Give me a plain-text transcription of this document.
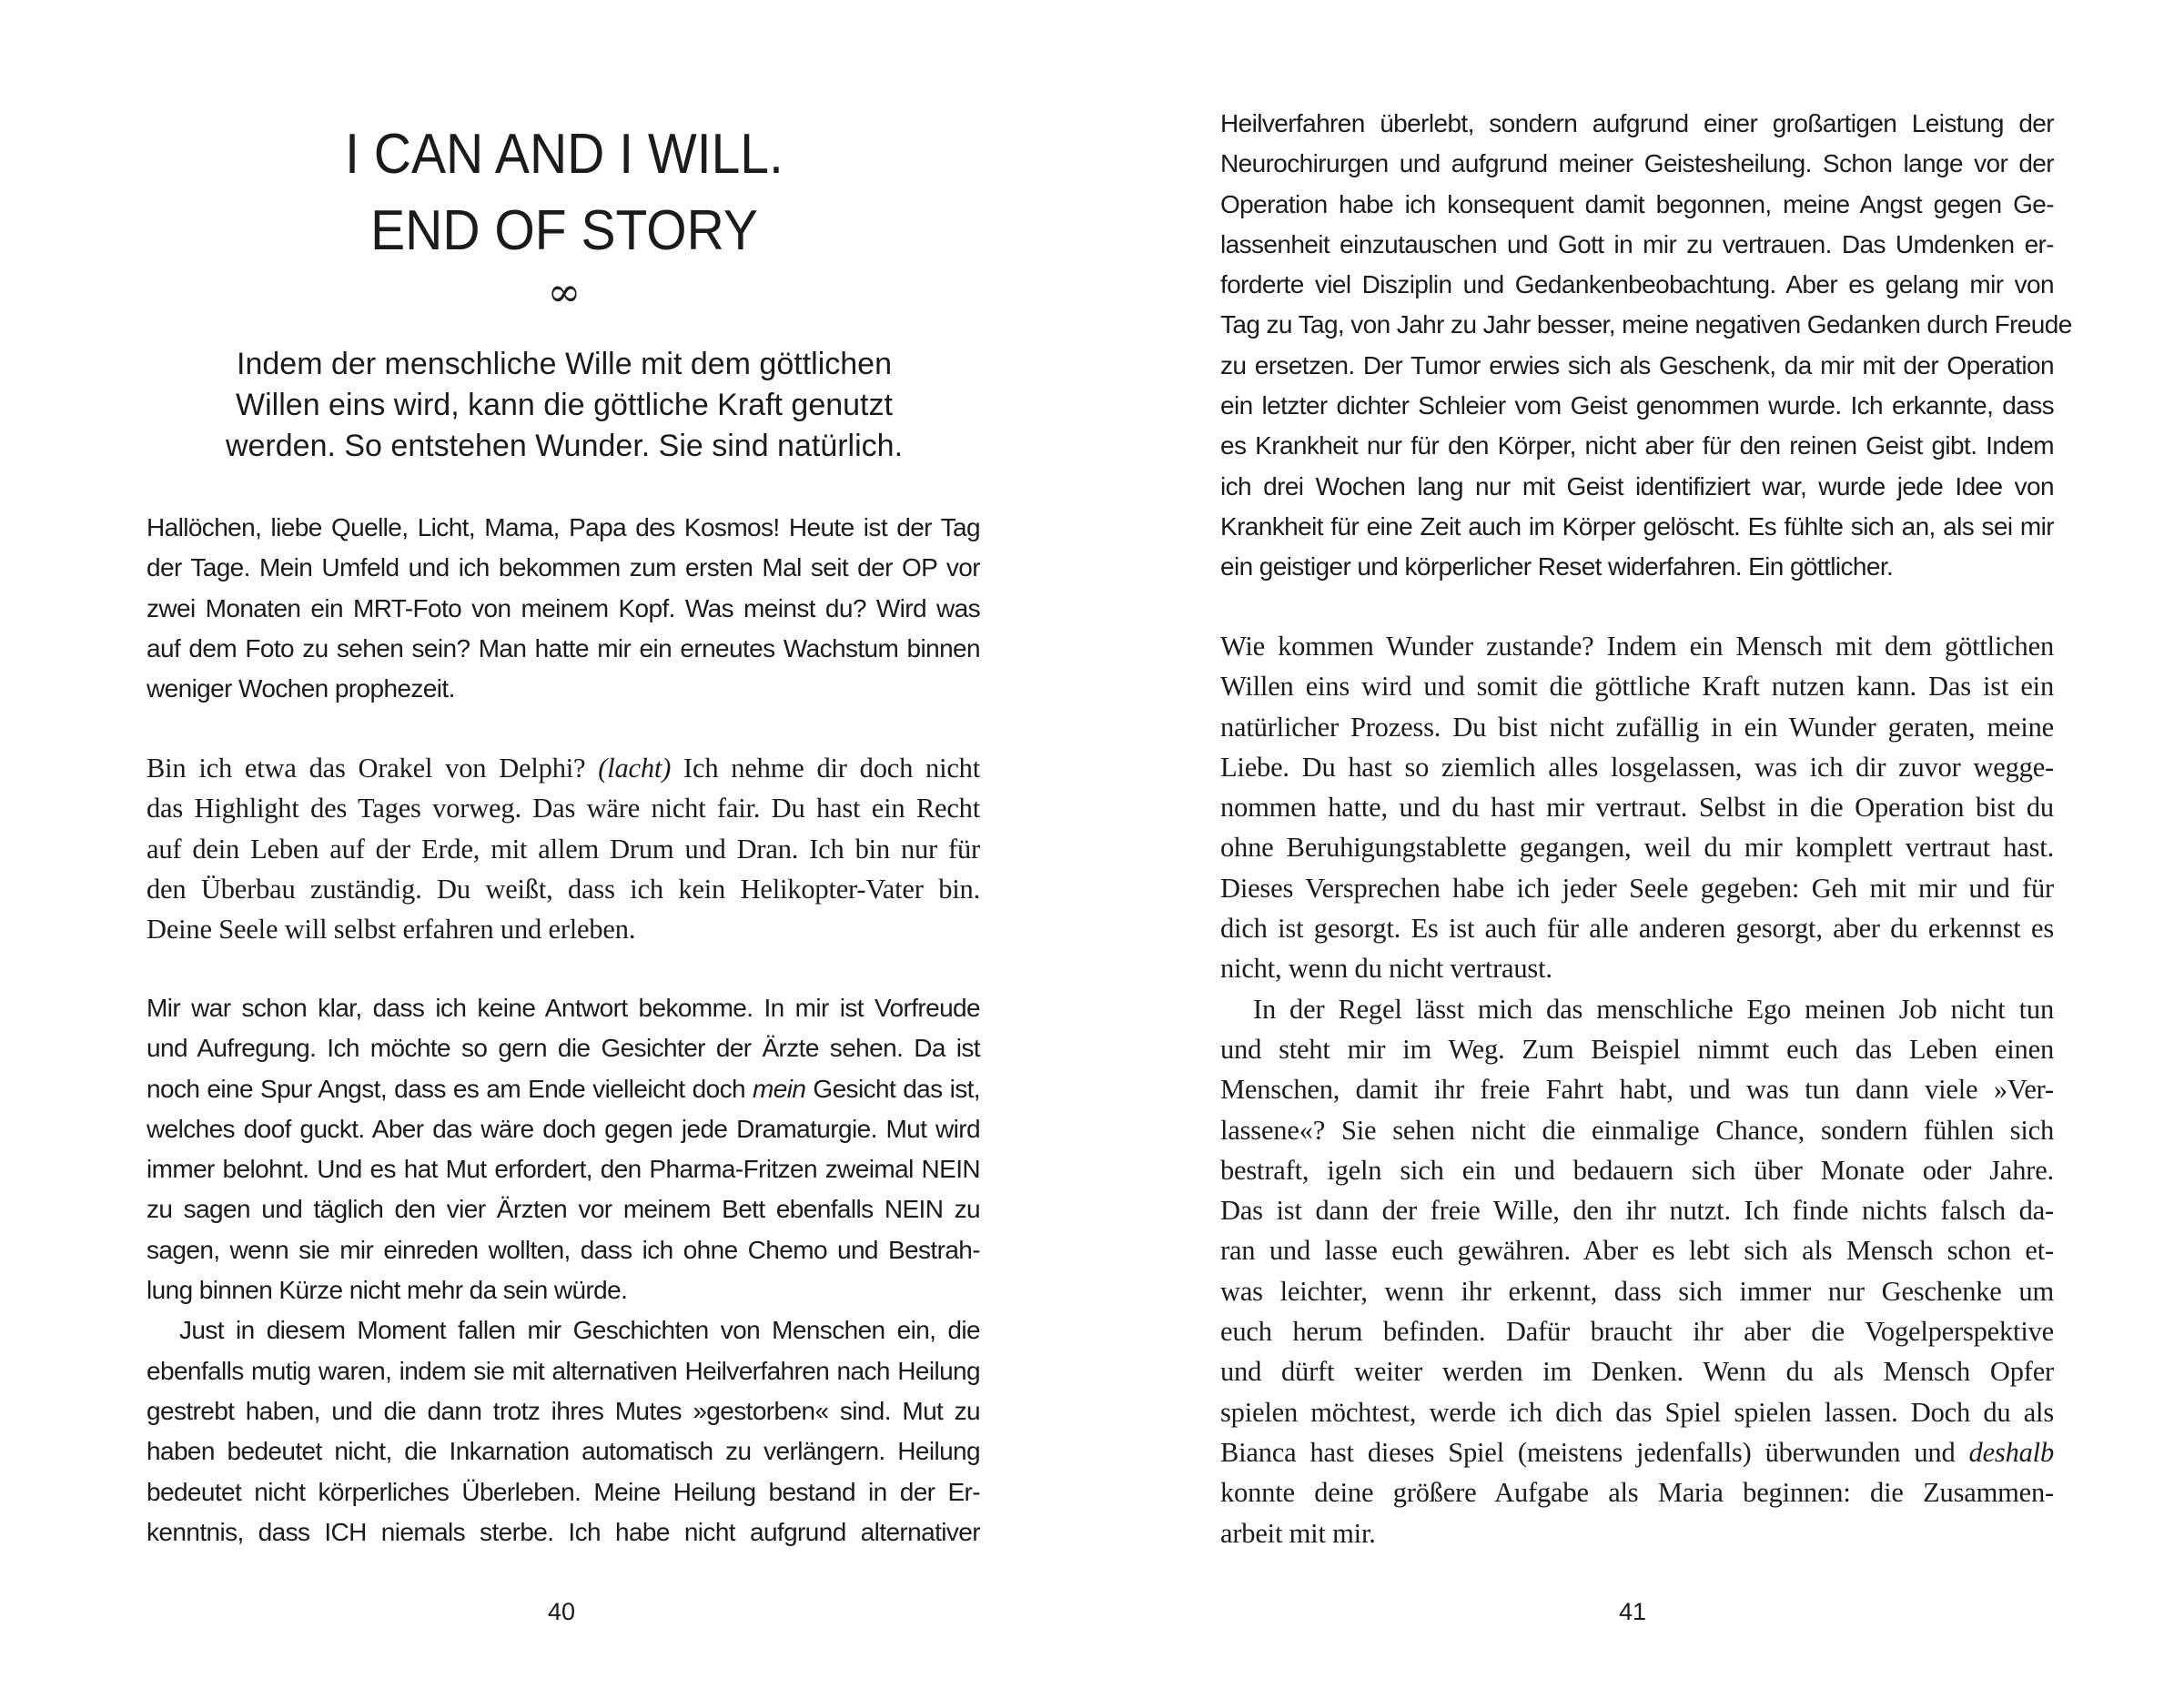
I CAN AND I WILL.
END OF STORY
∞
Indem der menschliche Wille mit dem göttlichen
Willen eins wird, kann die göttliche Kraft genutzt
werden. So entstehen Wunder. Sie sind natürlich.
Hallöchen, liebe Quelle, Licht, Mama, Papa des Kosmos! Heute ist der Tag
der Tage. Mein Umfeld und ich bekommen zum ersten Mal seit der OP vor
zwei Monaten ein MRT-Foto von meinem Kopf. Was meinst du? Wird was
auf dem Foto zu sehen sein? Man hatte mir ein erneutes Wachstum binnen
weniger Wochen prophezeit.
Bin ich etwa das Orakel von Delphi? (lacht) Ich nehme dir doch nicht
das Highlight des Tages vorweg. Das wäre nicht fair. Du hast ein Recht
auf dein Leben auf der Erde, mit allem Drum und Dran. Ich bin nur für
den Überbau zuständig. Du weißt, dass ich kein Helikopter-Vater bin.
Deine Seele will selbst erfahren und erleben.
Mir war schon klar, dass ich keine Antwort bekomme. In mir ist Vorfreude
und Aufregung. Ich möchte so gern die Gesichter der Ärzte sehen. Da ist
noch eine Spur Angst, dass es am Ende vielleicht doch mein Gesicht das ist,
welches doof guckt. Aber das wäre doch gegen jede Dramaturgie. Mut wird
immer belohnt. Und es hat Mut erfordert, den Pharma-Fritzen zweimal NEIN
zu sagen und täglich den vier Ärzten vor meinem Bett ebenfalls NEIN zu
sagen, wenn sie mir einreden wollten, dass ich ohne Chemo und Bestrah-
lung binnen Kürze nicht mehr da sein würde.
Just in diesem Moment fallen mir Geschichten von Menschen ein, die
ebenfalls mutig waren, indem sie mit alternativen Heilverfahren nach Heilung
gestrebt haben, und die dann trotz ihres Mutes »gestorben« sind. Mut zu
haben bedeutet nicht, die Inkarnation automatisch zu verlängern. Heilung
bedeutet nicht körperliches Überleben. Meine Heilung bestand in der Er-
kenntnis, dass ICH niemals sterbe. Ich habe nicht aufgrund alternativer
40
Heilverfahren überlebt, sondern aufgrund einer großartigen Leistung der
Neurochirurgen und aufgrund meiner Geistesheilung. Schon lange vor der
Operation habe ich konsequent damit begonnen, meine Angst gegen Ge-
lassenheit einzutauschen und Gott in mir zu vertrauen. Das Umdenken er-
forderte viel Disziplin und Gedankenbeobachtung. Aber es gelang mir von
Tag zu Tag, von Jahr zu Jahr besser, meine negativen Gedanken durch Freude
zu ersetzen. Der Tumor erwies sich als Geschenk, da mir mit der Operation
ein letzter dichter Schleier vom Geist genommen wurde. Ich erkannte, dass
es Krankheit nur für den Körper, nicht aber für den reinen Geist gibt. Indem
ich drei Wochen lang nur mit Geist identifiziert war, wurde jede Idee von
Krankheit für eine Zeit auch im Körper gelöscht. Es fühlte sich an, als sei mir
ein geistiger und körperlicher Reset widerfahren. Ein göttlicher.
Wie kommen Wunder zustande? Indem ein Mensch mit dem göttlichen
Willen eins wird und somit die göttliche Kraft nutzen kann. Das ist ein
natürlicher Prozess. Du bist nicht zufällig in ein Wunder geraten, meine
Liebe. Du hast so ziemlich alles losgelassen, was ich dir zuvor wegge-
nommen hatte, und du hast mir vertraut. Selbst in die Operation bist du
ohne Beruhigungstablette gegangen, weil du mir komplett vertraut hast.
Dieses Versprechen habe ich jeder Seele gegeben: Geh mit mir und für
dich ist gesorgt. Es ist auch für alle anderen gesorgt, aber du erkennst es
nicht, wenn du nicht vertraust.
In der Regel lässt mich das menschliche Ego meinen Job nicht tun
und steht mir im Weg. Zum Beispiel nimmt euch das Leben einen
Menschen, damit ihr freie Fahrt habt, und was tun dann viele »Ver-
lassene«? Sie sehen nicht die einmalige Chance, sondern fühlen sich
bestraft, igeln sich ein und bedauern sich über Monate oder Jahre.
Das ist dann der freie Wille, den ihr nutzt. Ich finde nichts falsch da-
ran und lasse euch gewähren. Aber es lebt sich als Mensch schon et-
was leichter, wenn ihr erkennt, dass sich immer nur Geschenke um
euch herum befinden. Dafür braucht ihr aber die Vogelperspektive
und dürft weiter werden im Denken. Wenn du als Mensch Opfer
spielen möchtest, werde ich dich das Spiel spielen lassen. Doch du als
Bianca hast dieses Spiel (meistens jedenfalls) überwunden und deshalb
konnte deine größere Aufgabe als Maria beginnen: die Zusammen-
arbeit mit mir.
41
